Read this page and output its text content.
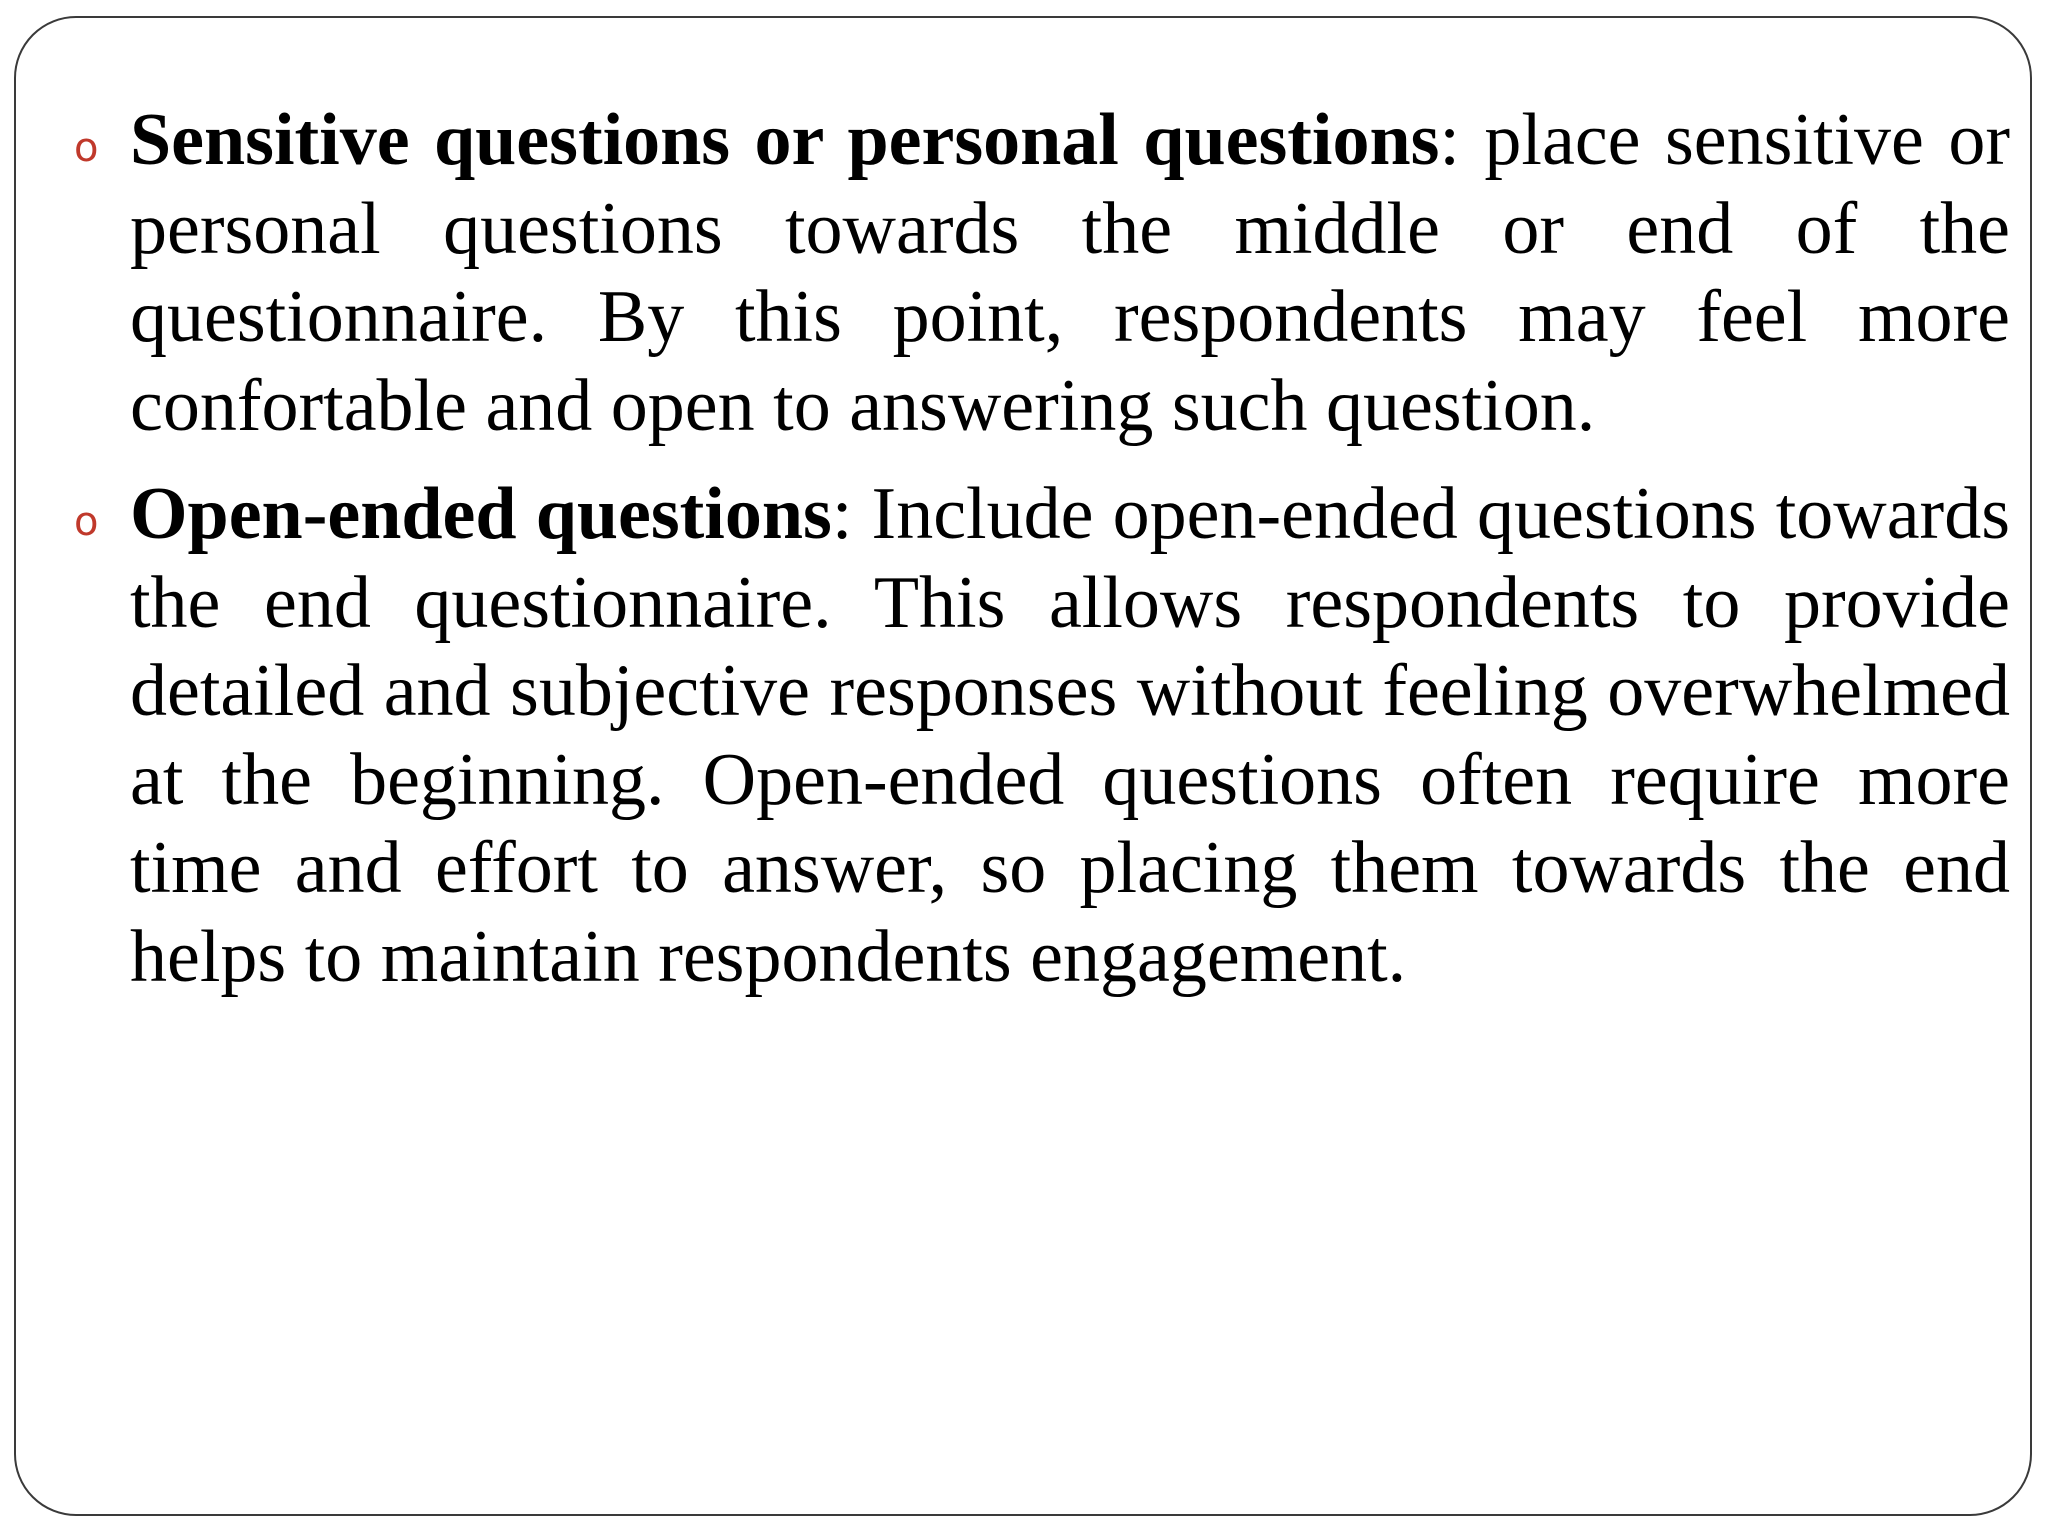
o Sensitive questions or personal questions: place sensitive or personal questions towards the middle or end of the questionnaire. By this point, respondents may feel more confortable and open to answering such question.

o Open-ended questions: Include open-ended questions towards the end questionnaire. This allows respondents to provide detailed and subjective responses without feeling overwhelmed at the beginning. Open-ended questions often require more time and effort to answer, so placing them towards the end helps to maintain respondents engagement.
